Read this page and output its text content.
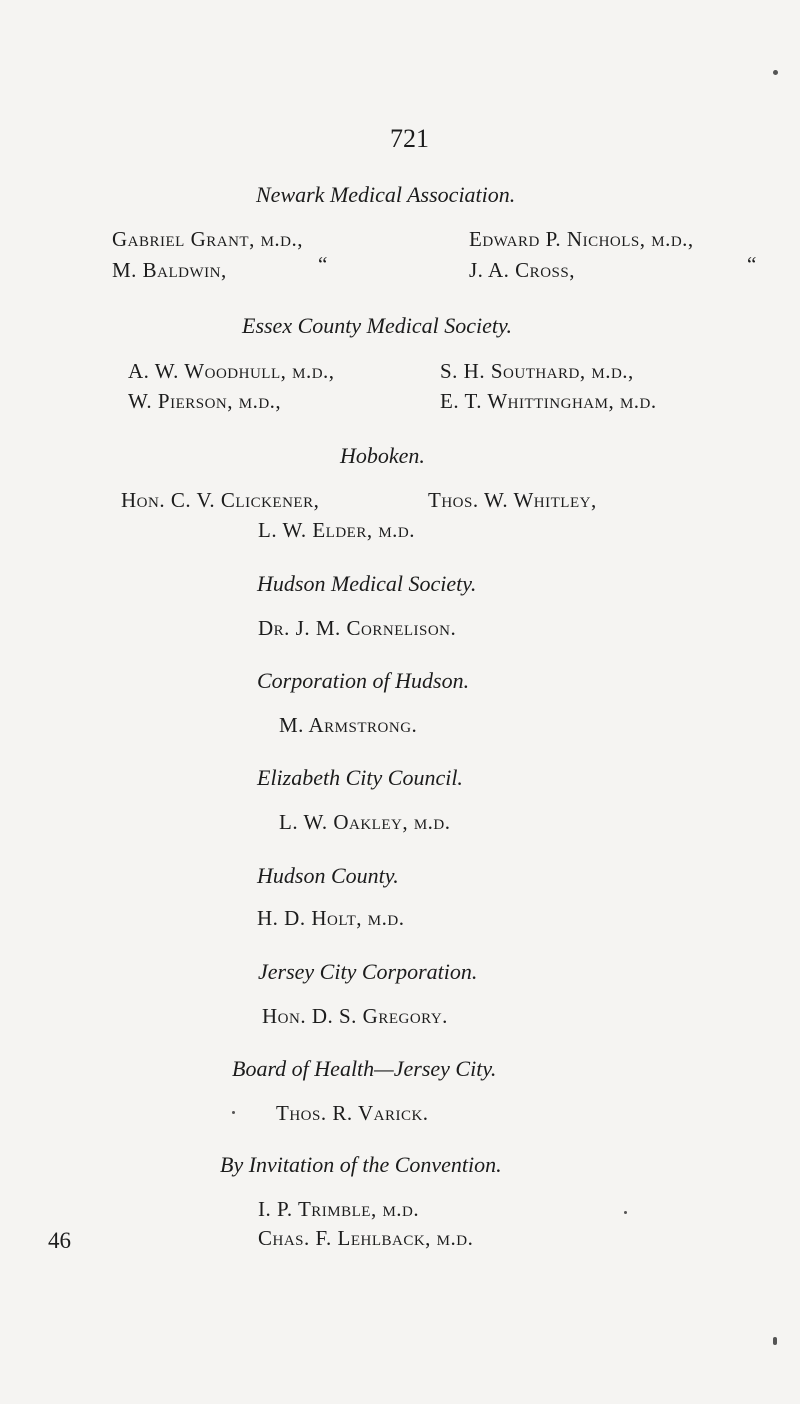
721
Newark Medical Association.
Gabriel Grant, m.d.,	Edward P. Nichols, m.d.,
M. Baldwin,	“	J. A. Cross,	“
Essex County Medical Society.
A. W. Woodhull, m.d.,	S. H. Southard, m.d.,
W. Pierson, m.d.,	E. T. Whittingham, m.d.
Hoboken.
Hon. C. V. Clickener,	Thos. W. Whitley,
L. W. Elder, m.d.
Hudson Medical Society.
Dr. J. M. Cornelison.
Corporation of Hudson.
M. Armstrong.
Elizabeth City Council.
L. W. Oakley, m.d.
Hudson County.
H. D. Holt, m.d.
Jersey City Corporation.
Hon. D. S. Gregory.
Board of Health—Jersey City.
Thos. R. Varick.
By Invitation of the Convention.
I. P. Trimble, m.d.
Chas. F. Lehlback, m.d.
46
